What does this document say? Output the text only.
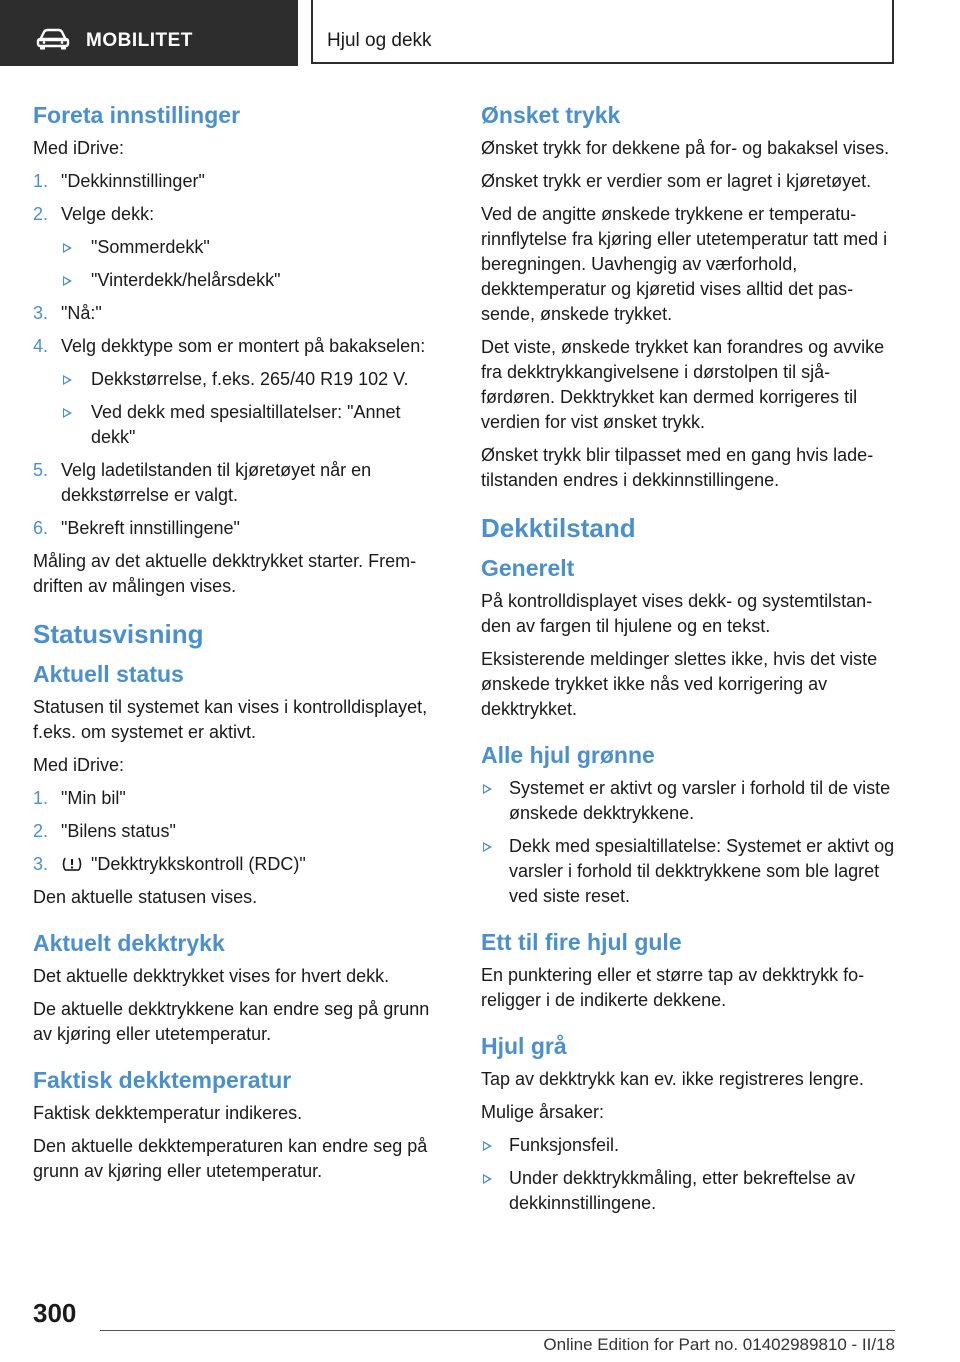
MOBILITET	Hjul og dekk
Foreta innstillinger

Med iDrive:

1. "Dekkinnstillinger"
2. Velge dekk:
"Sommerdekk"
"Vinterdekk/helårsdekk"
3. "Nå:"
4. Velg dekktype som er montert på bakakselen:
Dekkstørrelse, f.eks. 265/40 R19 102 V.
Ved dekk med spesialtillatelser: "Annet dekk"
5. Velg ladetilstanden til kjøretøyet når en dekkstørrelse er valgt.
6. "Bekreft innstillingene"

Måling av det aktuelle dekktrykket starter. Fremdriften av målingen vises.

Statusvisning
Aktuell status

Statusen til systemet kan vises i kontrolldisplayet, f.eks. om systemet er aktivt.

Med iDrive:

1. "Min bil"
2. "Bilens status"
3. "Dekktrykkskontroll (RDC)"

Den aktuelle statusen vises.

Aktuelt dekktrykk

Det aktuelle dekktrykket vises for hvert dekk.

De aktuelle dekktrykkene kan endre seg på grunn av kjøring eller utetemperatur.

Faktisk dekktemperatur

Faktisk dekktemperatur indikeres.

Den aktuelle dekktemperaturen kan endre seg på grunn av kjøring eller utetemperatur.

Ønsket trykk

Ønsket trykk for dekkene på for- og bakaksel vises.

Ønsket trykk er verdier som er lagret i kjøretøyet.

Ved de angitte ønskede trykkene er temperaturinnflytelse fra kjøring eller utetemperatur tatt med i beregningen. Uavhengig av værforhold, dekktemperatur og kjøretid vises alltid det passende, ønskede trykket.

Det viste, ønskede trykket kan forandres og avvike fra dekktrykkangivelsene i dørstolpen til sjåførdøren. Dekktrykket kan dermed korrigeres til verdien for vist ønsket trykk.

Ønsket trykk blir tilpasset med en gang hvis ladetilstanden endres i dekkinnstillingene.

Dekktilstand
Generelt

På kontrolldisplayet vises dekk- og systemtilstanden av fargen til hjulene og en tekst.

Eksisterende meldinger slettes ikke, hvis det viste ønskede trykket ikke nås ved korrigering av dekktrykket.

Alle hjul grønne
Systemet er aktivt og varsler i forhold til de viste ønskede dekktrykkene.
Dekk med spesialtillatelse: Systemet er aktivt og varsler i forhold til dekktrykkene som ble lagret ved siste reset.
Ett til fire hjul gule

En punktering eller et større tap av dekktrykk foreligger i de indikerte dekkene.

Hjul grå

Tap av dekktrykk kan ev. ikke registreres lengre.

Mulige årsaker:

Funksjonsfeil.
Under dekktrykkmåling, etter bekreftelse av dekkinnstillingene.
300
Online Edition for Part no. 01402989810 - II/18
